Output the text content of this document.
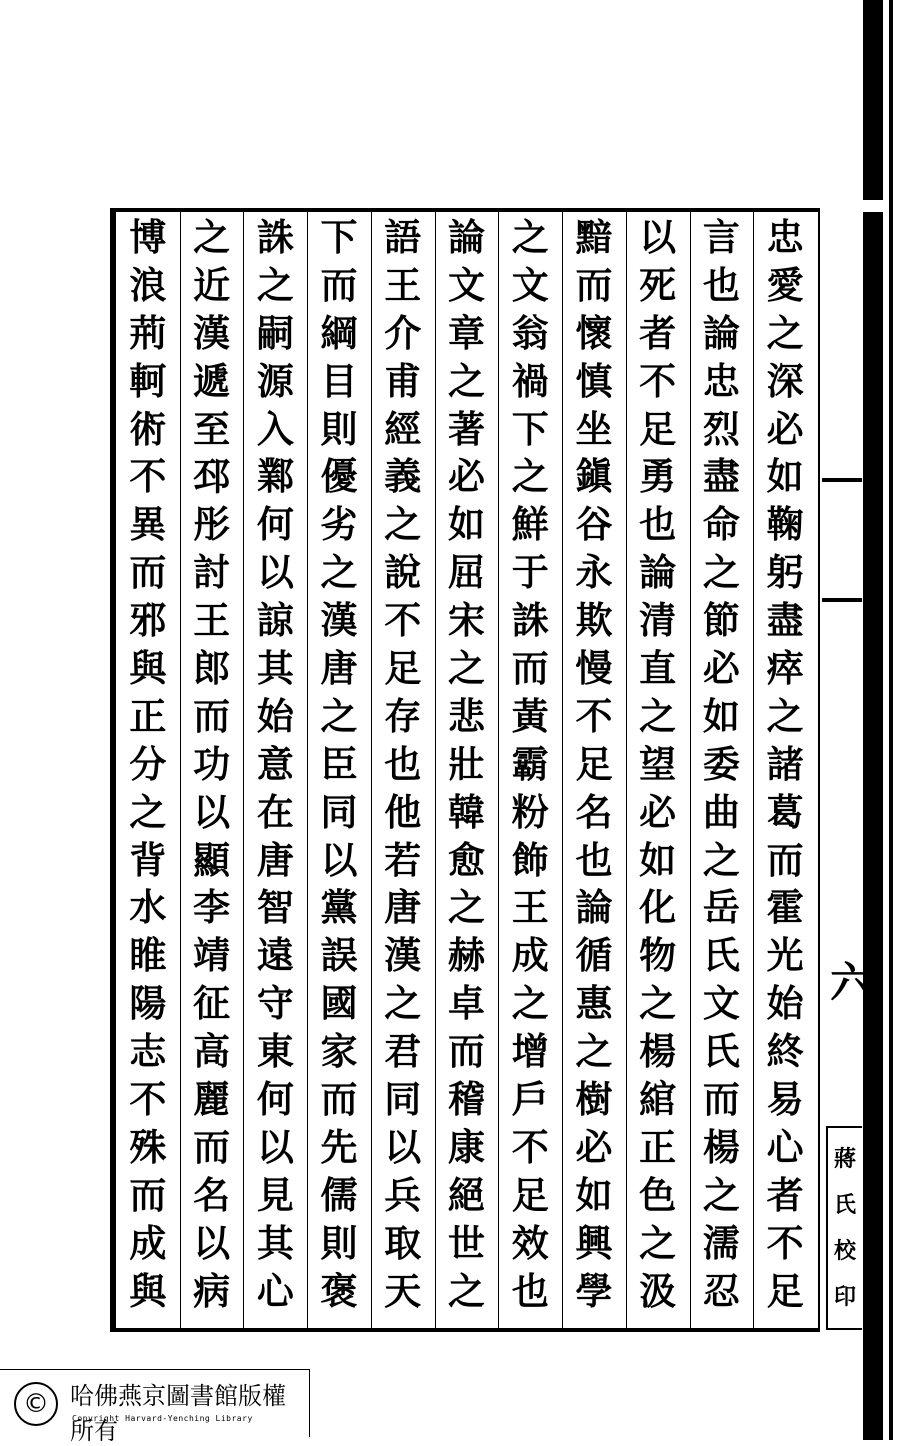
忠
愛
之
深
必
如
鞠
躬
盡
瘁
之
諸
葛
而
霍
光
始
終
易
心
者
不
足
言
也
論
忠
烈
盡
命
之
節
必
如
委
曲
之
岳
氏
文
氏
而
楊
之
濡
忍
以
死
者
不
足
勇
也
論
清
直
之
望
必
如
化
物
之
楊
綰
正
色
之
汲
黯
而
懷
慎
坐
鎭
谷
永
欺
慢
不
足
名
也
論
循
惠
之
樹
必
如
興
學
之
文
翁
禍
下
之
鮮
于
誅
而
黃
霸
粉
飾
王
成
之
增
戶
不
足
效
也
論
文
章
之
著
必
如
屈
宋
之
悲
壯
韓
愈
之
赫
卓
而
稽
康
絕
世
之
語
王
介
甫
經
義
之
說
不
足
存
也
他
若
唐
漢
之
君
同
以
兵
取
天
下
而
綱
目
則
優
劣
之
漢
唐
之
臣
同
以
黨
誤
國
家
而
先
儒
則
褒
誅
之
嗣
源
入
鄴
何
以
諒
其
始
意
在
唐
智
遠
守
東
何
以
見
其
心
之
近
漢
遞
至
邳
彤
討
王
郎
而
功
以
顯
李
靖
征
高
麗
而
名
以
病
博
浪
荊
軻
術
不
異
而
邪
與
正
分
之
背
水
睢
陽
志
不
殊
而
成
與
六
蔣
氏
校
印
© 哈佛燕京圖書館版權所有
Copyright Harvard-Yenching Library
